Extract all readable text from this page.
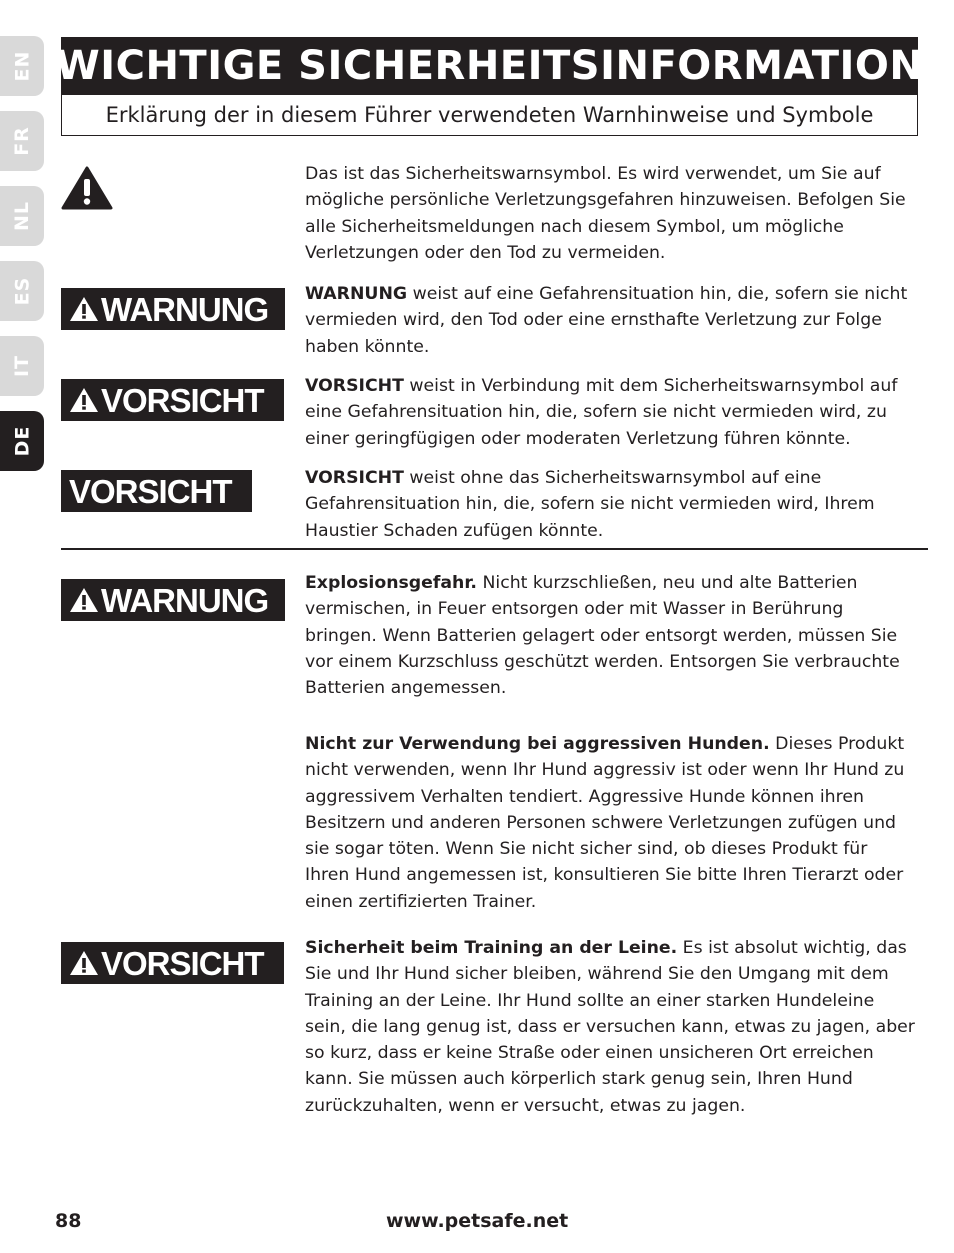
EN
FR
NL
ES
IT
DE
WICHTIGE SICHERHEITSINFORMATION
Erklärung der in diesem Führer verwendeten Warnhinweise und Symbole

Das ist das Sicherheitswarnsymbol. Es wird verwendet, um Sie auf mögliche persönliche Verletzungsgefahren hinzuweisen. Befolgen Sie alle Sicherheitsmeldungen nach diesem Symbol, um mögliche Verletzungen oder den Tod zu vermeiden.

WARNUNG WARNUNG weist auf eine Gefahrensituation hin, die, sofern sie nicht vermieden wird, den Tod oder eine ernsthafte Verletzung zur Folge haben könnte.

VORSICHT VORSICHT weist in Verbindung mit dem Sicherheitswarnsymbol auf eine Gefahrensituation hin, die, sofern sie nicht vermieden wird, zu einer geringfügigen oder moderaten Verletzung führen könnte.

VORSICHT	VORSICHT weist ohne das Sicherheitswarnsymbol auf eine Gefahrensituation hin, die, sofern sie nicht vermieden wird, Ihrem Haustier Schaden zufügen könnte.

WARNUNG Explosionsgefahr. Nicht kurzschließen, neu und alte Batterien vermischen, in Feuer entsorgen oder mit Wasser in Berührung bringen. Wenn Batterien gelagert oder entsorgt werden, müssen Sie vor einem Kurzschluss geschützt werden. Entsorgen Sie verbrauchte Batterien angemessen.

Nicht zur Verwendung bei aggressiven Hunden. Dieses Produkt nicht verwenden, wenn Ihr Hund aggressiv ist oder wenn Ihr Hund zu aggressivem Verhalten tendiert. Aggressive Hunde können ihren Besitzern und anderen Personen schwere Verletzungen zufügen und sie sogar töten. Wenn Sie nicht sicher sind, ob dieses Produkt für Ihren Hund angemessen ist, konsultieren Sie bitte Ihren Tierarzt oder einen zertifizierten Trainer.

VORSICHT Sicherheit beim Training an der Leine. Es ist absolut wichtig, das Sie und Ihr Hund sicher bleiben, während Sie den Umgang mit dem Training an der Leine. Ihr Hund sollte an einer starken Hundeleine sein, die lang genug ist, dass er versuchen kann, etwas zu jagen, aber so kurz, dass er keine Straße oder einen unsicheren Ort erreichen kann. Sie müssen auch körperlich stark genug sein, Ihren Hund zurückzuhalten, wenn er versucht, etwas zu jagen.

88	www.petsafe.net
